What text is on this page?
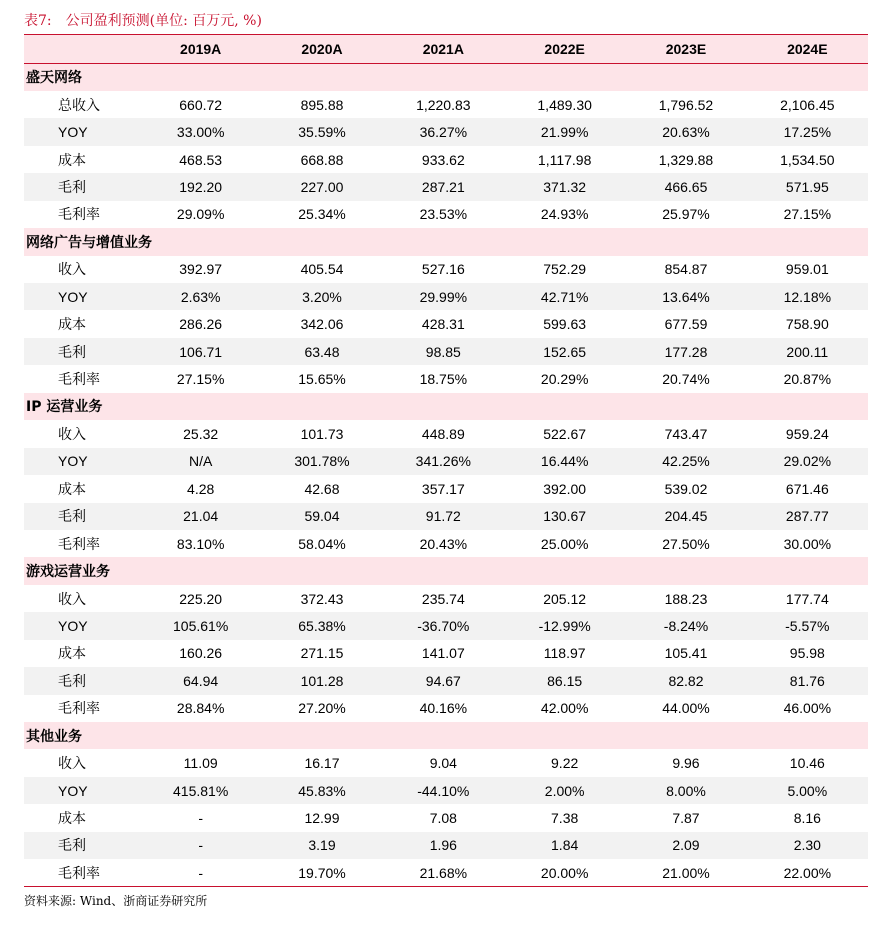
表7: 公司盈利预测(单位: 百万元, %)
	2019A	2020A	2021A	2022E	2023E	2024E
盛天网络						
总收入	660.72	895.88	1,220.83	1,489.30	1,796.52	2,106.45
YOY	33.00%	35.59%	36.27%	21.99%	20.63%	17.25%
成本	468.53	668.88	933.62	1,117.98	1,329.88	1,534.50
毛利	192.20	227.00	287.21	371.32	466.65	571.95
毛利率	29.09%	25.34%	23.53%	24.93%	25.97%	27.15%
网络广告与增值业务						
收入	392.97	405.54	527.16	752.29	854.87	959.01
YOY	2.63%	3.20%	29.99%	42.71%	13.64%	12.18%
成本	286.26	342.06	428.31	599.63	677.59	758.90
毛利	106.71	63.48	98.85	152.65	177.28	200.11
毛利率	27.15%	15.65%	18.75%	20.29%	20.74%	20.87%
IP 运营业务						
收入	25.32	101.73	448.89	522.67	743.47	959.24
YOY	N/A	301.78%	341.26%	16.44%	42.25%	29.02%
成本	4.28	42.68	357.17	392.00	539.02	671.46
毛利	21.04	59.04	91.72	130.67	204.45	287.77
毛利率	83.10%	58.04%	20.43%	25.00%	27.50%	30.00%
游戏运营业务						
收入	225.20	372.43	235.74	205.12	188.23	177.74
YOY	105.61%	65.38%	-36.70%	-12.99%	-8.24%	-5.57%
成本	160.26	271.15	141.07	118.97	105.41	95.98
毛利	64.94	101.28	94.67	86.15	82.82	81.76
毛利率	28.84%	27.20%	40.16%	42.00%	44.00%	46.00%
其他业务						
收入	11.09	16.17	9.04	9.22	9.96	10.46
YOY	415.81%	45.83%	-44.10%	2.00%	8.00%	5.00%
成本	-	12.99	7.08	7.38	7.87	8.16
毛利	-	3.19	1.96	1.84	2.09	2.30
毛利率	-	19.70%	21.68%	20.00%	21.00%	22.00%
资料来源: Wind、浙商证券研究所
